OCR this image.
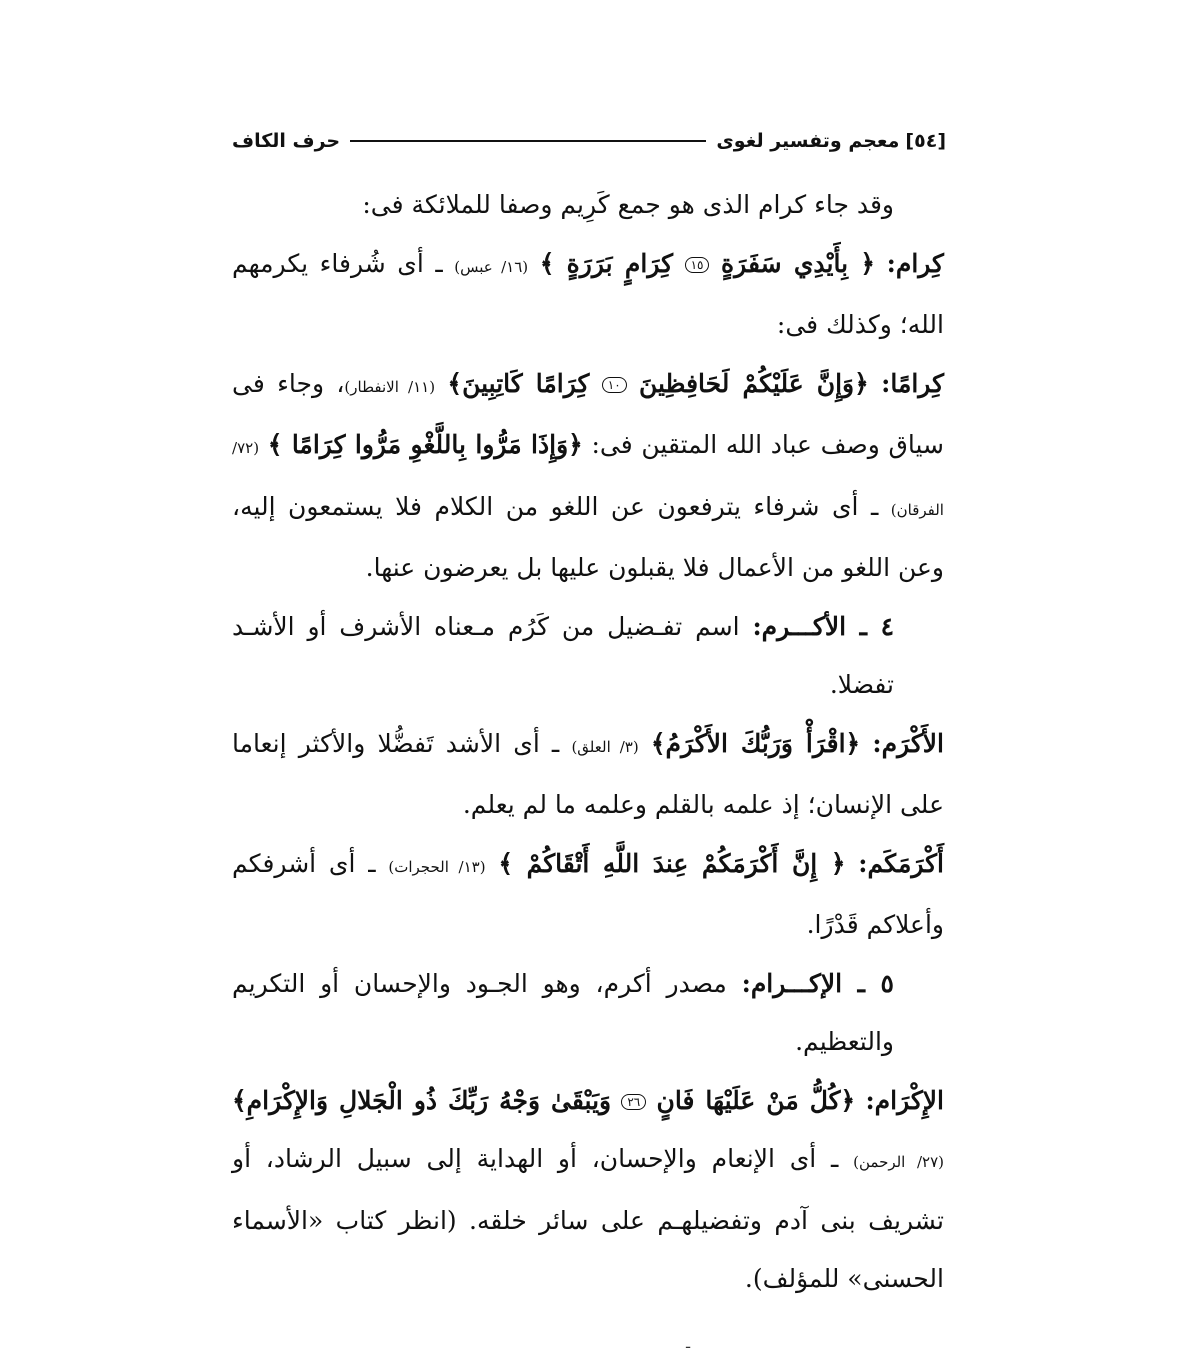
[٥٤]
معجم وتفسير لغوى
حرف الكاف

وقد جاء كرام الذى هو جمع كَرِيم وصفا للملائكة فى:

كِرام: ﴿ بِأَيْدِي سَفَرَةٍ ١٥ كِرَامٍ بَرَرَةٍ ﴾ (١٦/ عبس) ـ أى شُرفاء يكرمهم الله؛ وكذلك فى:

كِرامًا: ﴿وَإِنَّ عَلَيْكُمْ لَحَافِظِينَ ١٠ كِرَامًا كَاتِبِينَ﴾ (١١/ الانفطار)، وجاء فى سياق وصف عباد الله المتقين فى: ﴿وَإِذَا مَرُّوا بِاللَّغْوِ مَرُّوا كِرَامًا ﴾ (٧٢/ الفرقان) ـ أى شرفاء يترفعون عن اللغو من الكلام فلا يستمعون إليه، وعن اللغو من الأعمال فلا يقبلون عليها بل يعرضون عنها.

٤ ـ الأكـــرم: اسم تفـضيل من كَرُم مـعناه الأشرف أو الأشـد تفضلا.

الأَكْرَم: ﴿اقْرَأْ وَرَبُّكَ الأَكْرَمُ﴾ (٣/ العلق) ـ أى الأشد تَفضُّلا والأكثر إنعاما على الإنسان؛ إذ علمه بالقلم وعلمه ما لم يعلم.

أَكْرَمَكَم: ﴿ إِنَّ أَكْرَمَكُمْ عِندَ اللَّهِ أَتْقَاكُمْ ﴾ (١٣/ الحجرات) ـ أى أشرفكم وأعلاكم قَدْرًا.

٥ ـ الإكـــرام: مصدر أكرم، وهو الجـود والإحسان أو التكريم والتعظيم.

الإِكْرَام: ﴿كُلُّ مَنْ عَلَيْهَا فَانٍ ٢٦ وَيَبْقَىٰ وَجْهُ رَبِّكَ ذُو الْجَلالِ وَالإِكْرَامِ﴾ (٢٧/ الرحمن) ـ أى الإنعام والإحسان، أو الهداية إلى سبيل الرشاد، أو تشريف بنى آدم وتفضيلهـم على سائر خلقه. (انظر كتاب «الأسماء الحسنى» للمؤلف).

ـ
